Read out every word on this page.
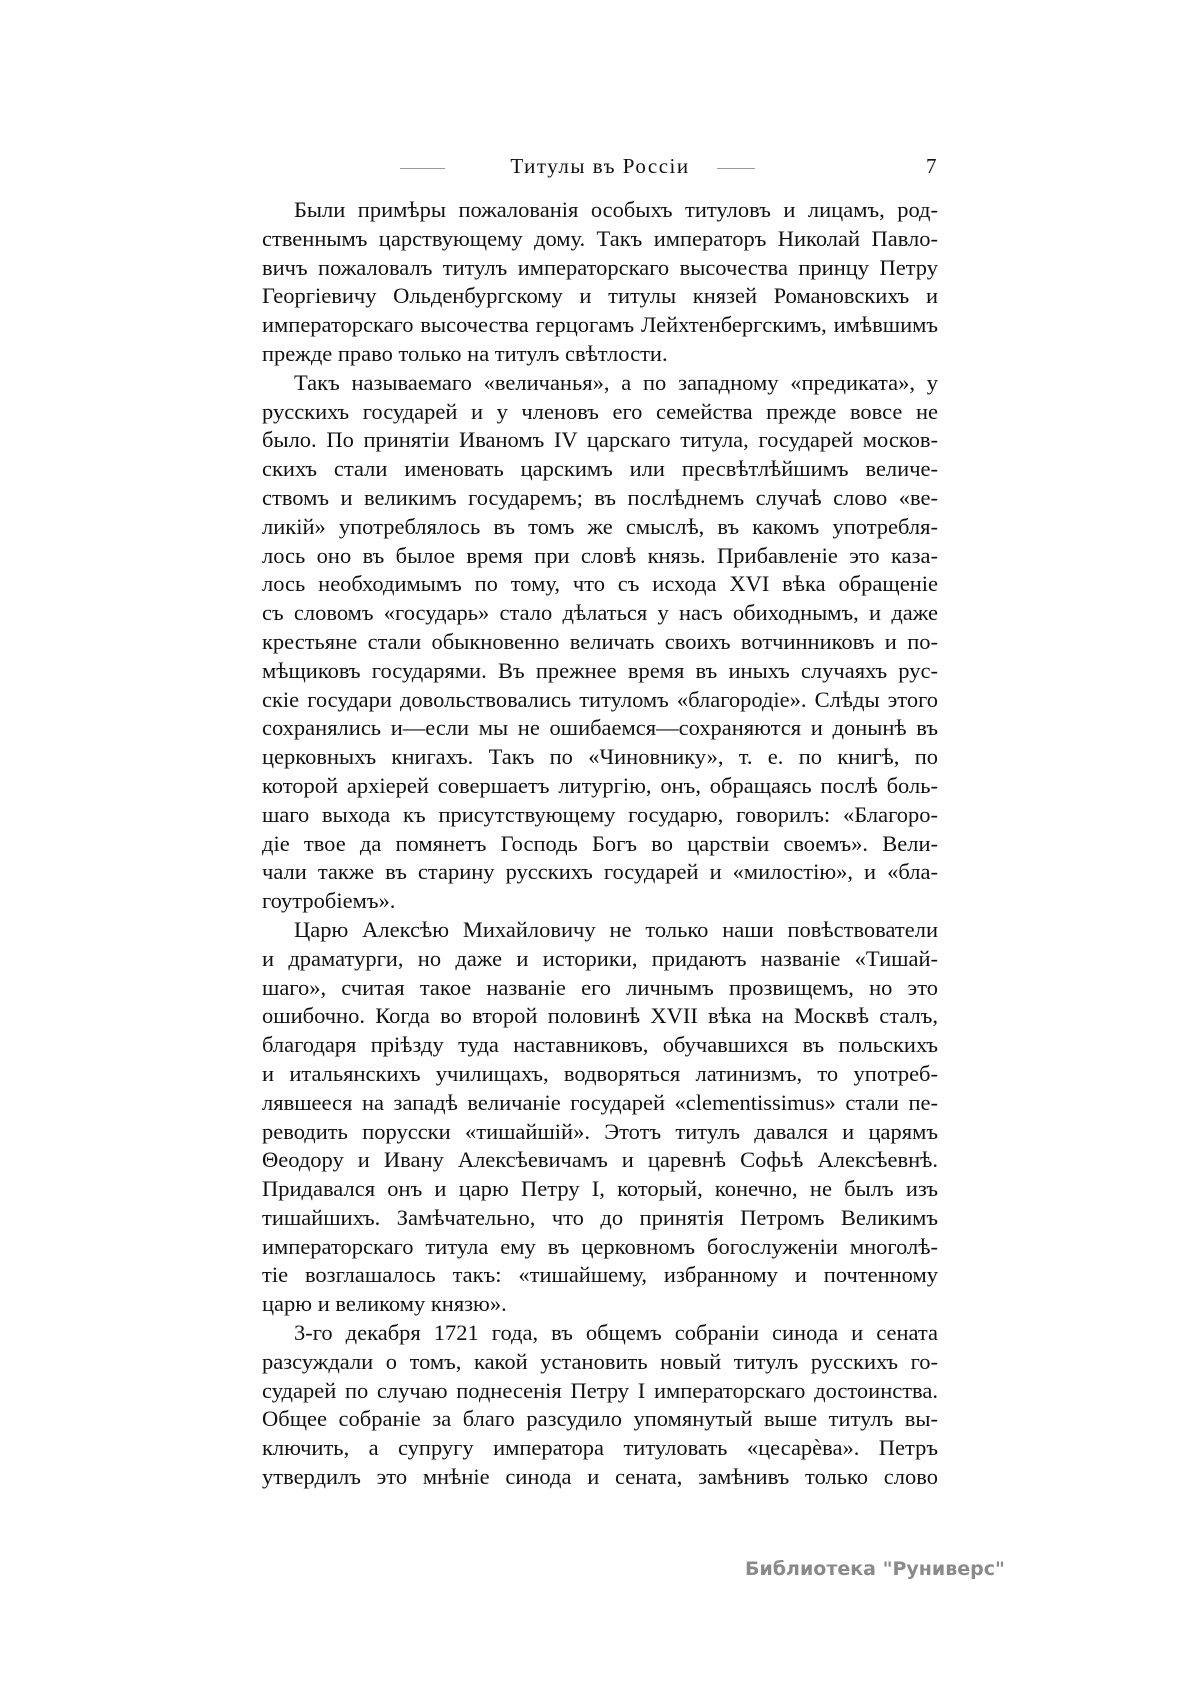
Титулы въ Россіи	7
Были примѣры пожалованія особыхъ титуловъ и лицамъ, род-
ственнымъ царствующему дому. Такъ императоръ Николай Павло-
вичъ пожаловалъ титулъ императорскаго высочества принцу Петру
Георгіевичу Ольденбургскому и титулы князей Романовскихъ и
императорскаго высочества герцогамъ Лейхтенбергскимъ, имѣвшимъ
прежде право только на титулъ свѣтлости.
Такъ называемаго «величанья», а по западному «предиката», у
русскихъ государей и у членовъ его семейства прежде вовсе не
было. По принятіи Иваномъ IV царскаго титула, государей москов-
скихъ стали именовать царскимъ или пресвѣтлѣйшимъ величе-
ствомъ и великимъ государемъ; въ послѣднемъ случаѣ слово «ве-
ликій» употреблялось въ томъ же смыслѣ, въ какомъ употребля-
лось оно въ былое время при словѣ князь. Прибавленіе это каза-
лось необходимымъ по тому, что съ исхода XVI вѣка обращеніе
съ словомъ «государь» стало дѣлаться у насъ обиходнымъ, и даже
крестьяне стали обыкновенно величать своихъ вотчинниковъ и по-
мѣщиковъ государями. Въ прежнее время въ иныхъ случаяхъ рус-
скіе государи довольствовались титуломъ «благородіе». Слѣды этого
сохранялись и—если мы не ошибаемся—сохраняются и донынѣ въ
церковныхъ книгахъ. Такъ по «Чиновнику», т. е. по книгѣ, по
которой архіерей совершаетъ литургію, онъ, обращаясь послѣ боль-
шаго выхода къ присутствующему государю, говорилъ: «Благоро-
діе твое да помянетъ Господь Богъ во царствіи своемъ». Вели-
чали также въ старину русскихъ государей и «милостію», и «бла-
гоутробіемъ».
Царю Алексѣю Михайловичу не только наши повѣствователи
и драматурги, но даже и историки, придаютъ названіе «Тишай-
шаго», считая такое названіе его личнымъ прозвищемъ, но это
ошибочно. Когда во второй половинѣ XVII вѣка на Москвѣ сталъ,
благодаря пріѣзду туда наставниковъ, обучавшихся въ польскихъ
и итальянскихъ училищахъ, водворяться латинизмъ, то употреб-
лявшееся на западѣ величаніе государей «clementissimus» стали пе-
реводить порусски «тишайшій». Этотъ титулъ давался и царямъ
Θеодору и Ивану Алексѣевичамъ и царевнѣ Софьѣ Алексѣевнѣ.
Придавался онъ и царю Петру I, который, конечно, не былъ изъ
тишайшихъ. Замѣчательно, что до принятія Петромъ Великимъ
императорскаго титула ему въ церковномъ богослуженіи многолѣ-
тіе возглашалось такъ: «тишайшему, избранному и почтенному
царю и великому князю».
3-го декабря 1721 года, въ общемъ собраніи синода и сената
разсуждали о томъ, какой установить новый титулъ русскихъ го-
сударей по случаю поднесенія Петру I императорскаго достоинства.
Общее собраніе за благо разсудило упомянутый выше титулъ вы-
ключить, а супругу императора титуловать «цесарѐва». Петръ
утвердилъ это мнѣніе синода и сената, замѣнивъ только слово
Библиотека "Руниверс"
